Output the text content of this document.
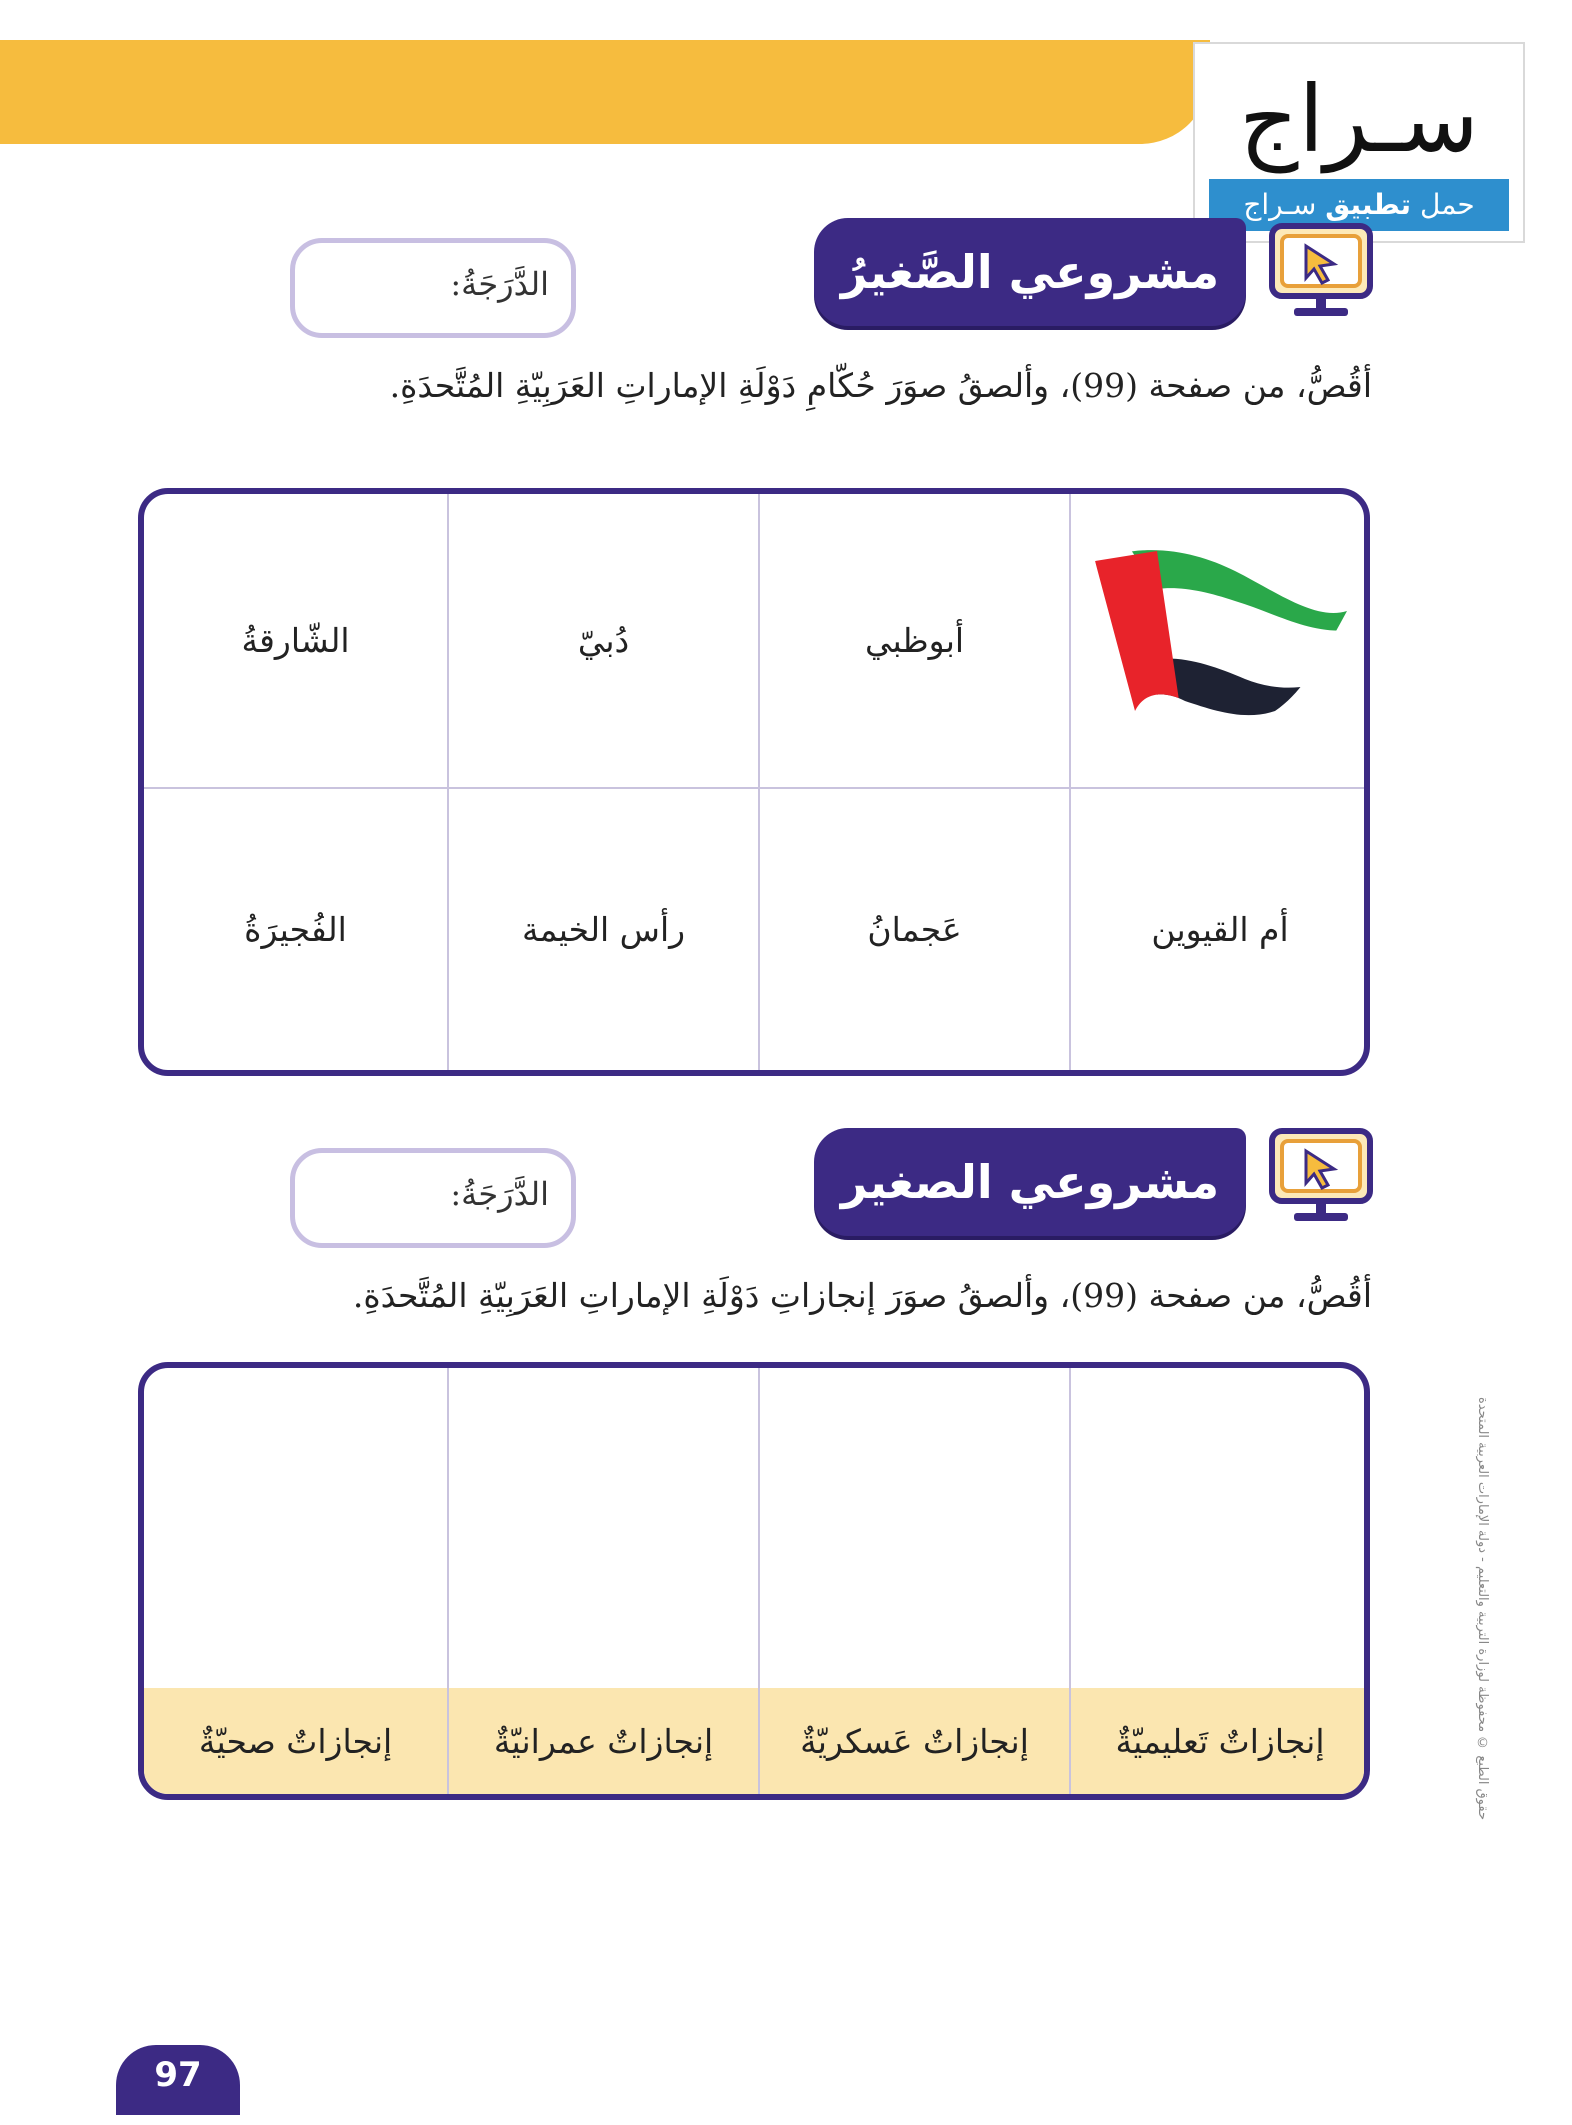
سـراج
حمل تطبيق سـراج
مشروعي الصَّغيرُ
الدَّرَجَةُ:
أقُصُّ، من صفحة (99)، وألصقُ صوَرَ حُكّامِ دَوْلَةِ الإماراتِ العَرَبِيّةِ المُتَّحدَةِ.
أبوظبي
دُبيّ
الشّارقةُ
أم القيوين
عَجمانُ
رأس الخيمة
الفُجيرَةُ
مشروعي الصغير
الدَّرَجَةُ:
أقُصُّ، من صفحة (99)، وألصقُ صوَرَ إنجازاتِ دَوْلَةِ الإماراتِ العَرَبِيّةِ المُتَّحدَةِ.
إنجازاتٌ تَعليميّةٌ
إنجازاتٌ عَسكريّةٌ
إنجازاتٌ عمرانيّةٌ
إنجازاتٌ صحيّةٌ	حقوق الطبع © محفوظة لوزارة التربية والتعليم - دولة الإمارات العربية المتحدة
97
